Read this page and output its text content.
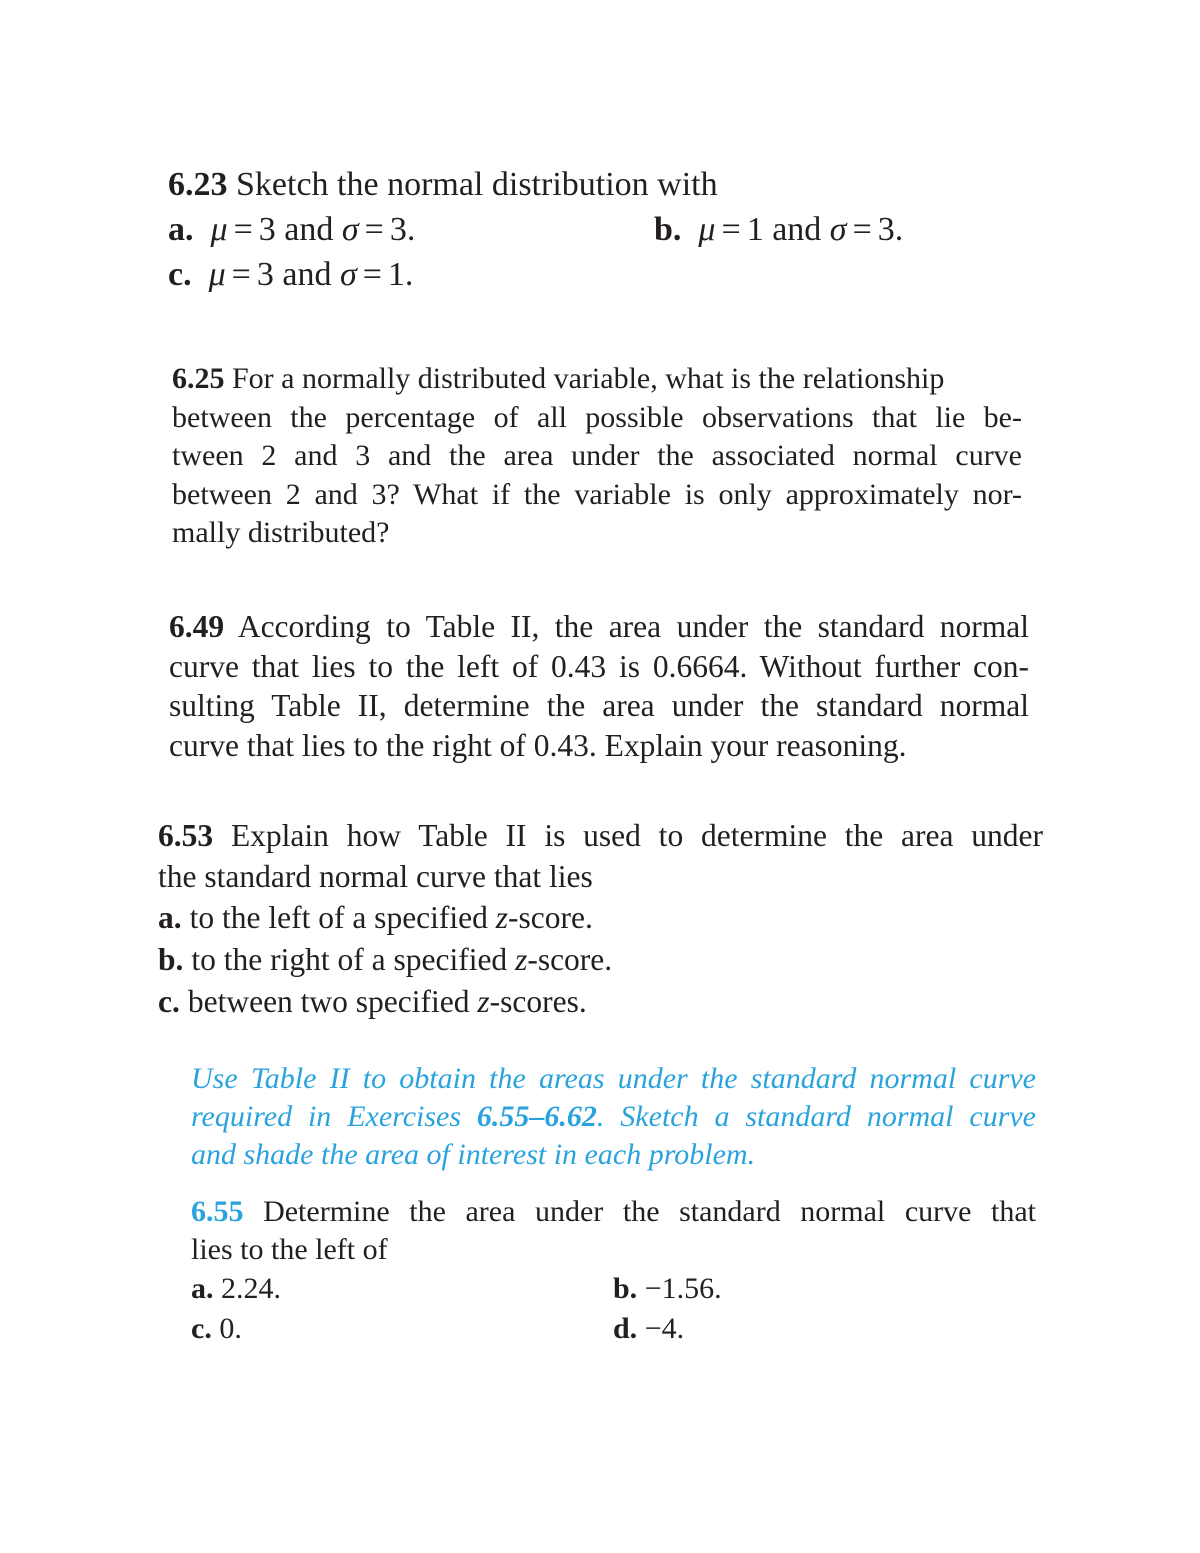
6.23 Sketch the normal distribution with
a. μ = 3 and σ = 3.	b. μ = 1 and σ = 3.
c. μ = 3 and σ = 1.
6.25 For a normally distributed variable, what is the relationship
between the percentage of all possible observations that lie be-
tween 2 and 3 and the area under the associated normal curve
between 2 and 3? What if the variable is only approximately nor-
mally distributed?
6.49 According to Table II, the area under the standard normal
curve that lies to the left of 0.43 is 0.6664. Without further con-
sulting Table II, determine the area under the standard normal
curve that lies to the right of 0.43. Explain your reasoning.
6.53 Explain how Table II is used to determine the area under
the standard normal curve that lies
a. to the left of a specified z-score.
b. to the right of a specified z-score.
c. between two specified z-scores.
Use Table II to obtain the areas under the standard normal curve
required in Exercises 6.55–6.62. Sketch a standard normal curve
and shade the area of interest in each problem.
6.55 Determine the area under the standard normal curve that
lies to the left of
a. 2.24.	b. −1.56.
c. 0.	d. −4.
